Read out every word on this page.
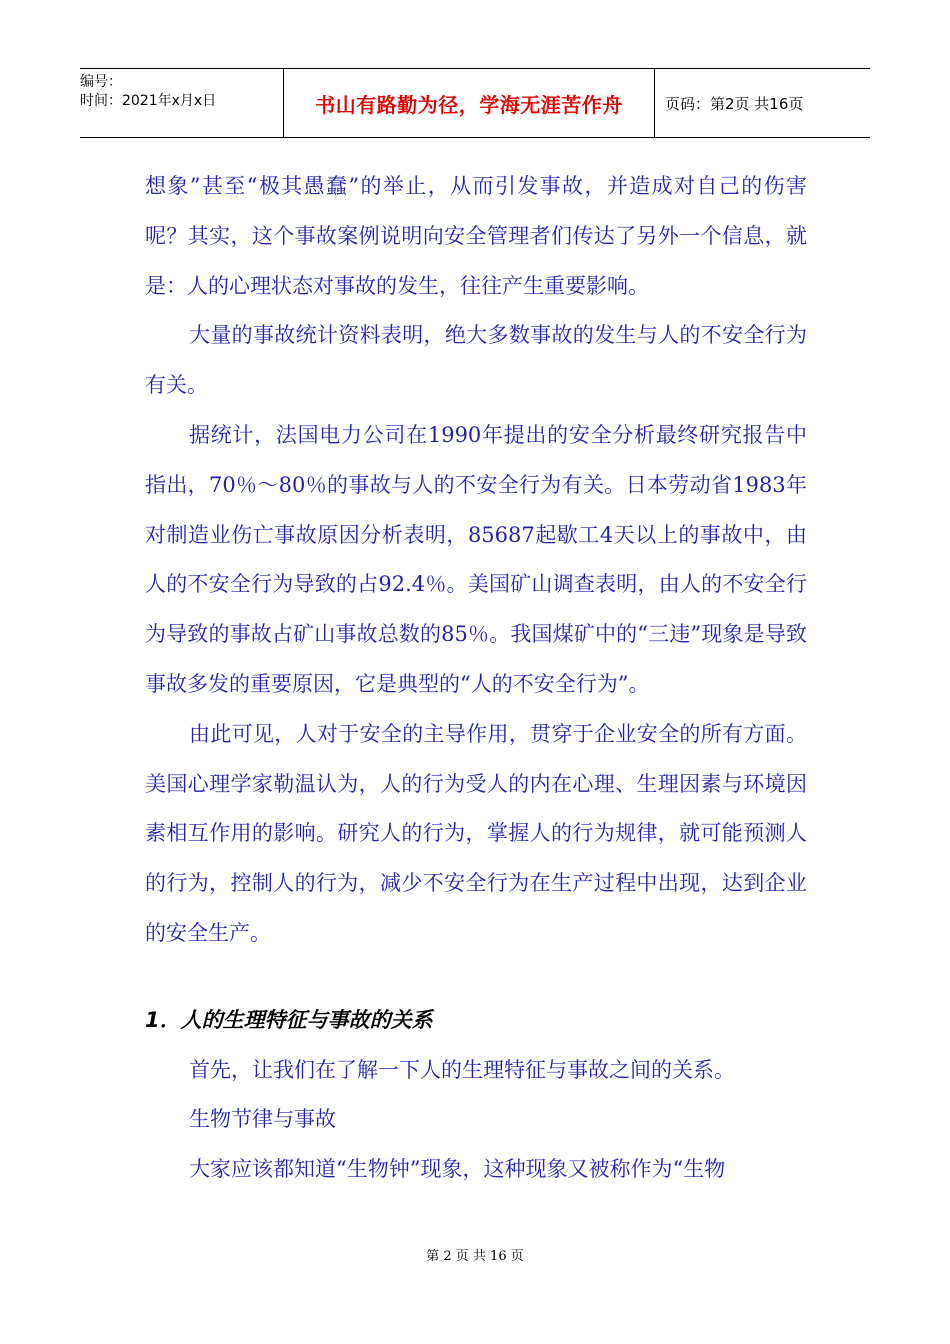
编号：
时间：2021年x月x日	书山有路勤为径，学海无涯苦作舟	页码：第2页 共16页

想象”甚至“极其愚蠢”的举止，从而引发事故，并造成对自己的伤害呢？其实，这个事故案例说明向安全管理者们传达了另外一个信息，就是：人的心理状态对事故的发生，往往产生重要影响。

大量的事故统计资料表明，绝大多数事故的发生与人的不安全行为有关。

据统计，法国电力公司在1990年提出的安全分析最终研究报告中指出，70％～80％的事故与人的不安全行为有关。日本劳动省1983年对制造业伤亡事故原因分析表明，85687起歇工4天以上的事故中，由人的不安全行为导致的占92.4％。美国矿山调查表明，由人的不安全行为导致的事故占矿山事故总数的85％。我国煤矿中的“三违”现象是导致事故多发的重要原因，它是典型的“人的不安全行为”。

由此可见，人对于安全的主导作用，贯穿于企业安全的所有方面。美国心理学家勒温认为，人的行为受人的内在心理、生理因素与环境因素相互作用的影响。研究人的行为，掌握人的行为规律，就可能预测人的行为，控制人的行为，减少不安全行为在生产过程中出现，达到企业的安全生产。

1．人的生理特征与事故的关系

首先，让我们在了解一下人的生理特征与事故之间的关系。

生物节律与事故

大家应该都知道“生物钟”现象，这种现象又被称作为“生物

第 2 页 共 16 页
